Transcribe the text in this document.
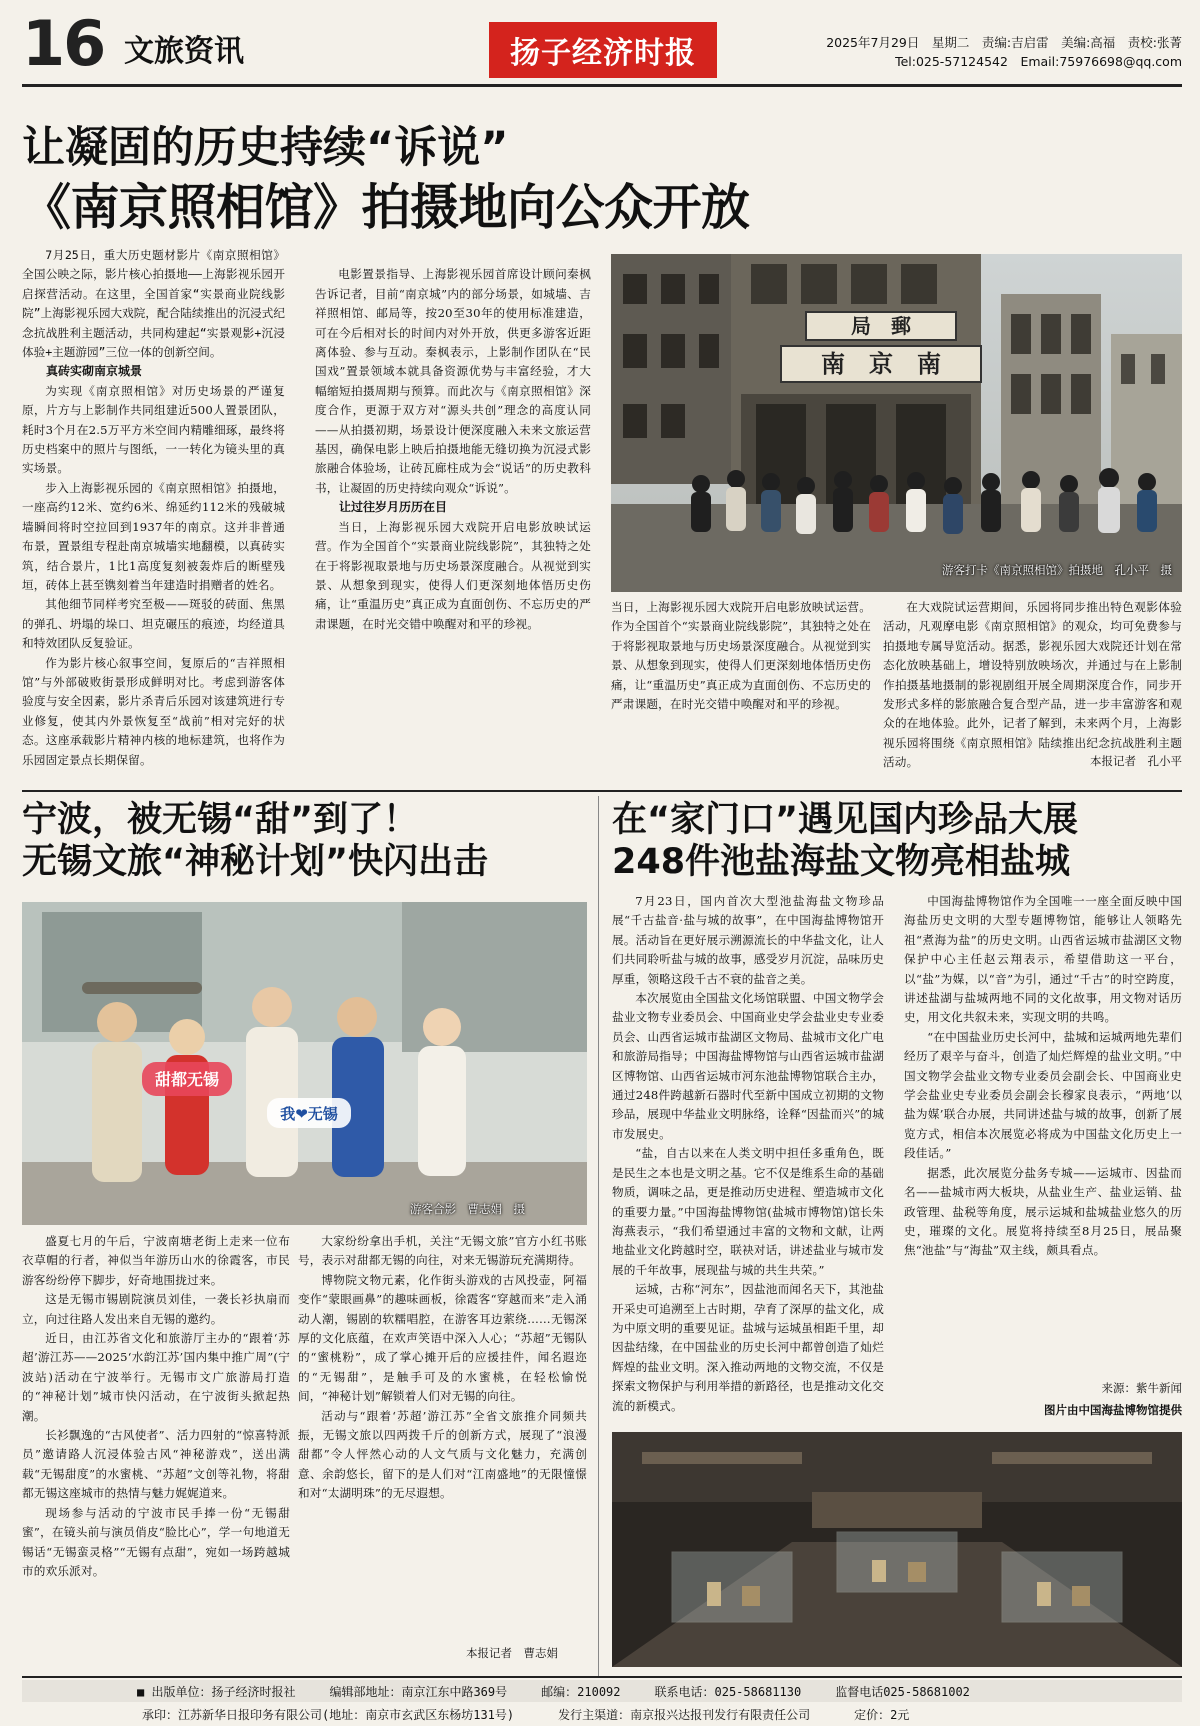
16 文旅资讯	扬子经济时报	2025年7月29日　星期二　责编:吉启雷　美编:高福　责校:张菁
Tel:025-57124542　Email:75976698@qq.com
让凝固的历史持续“诉说”
《南京照相馆》拍摄地向公众开放

7月25日，重大历史题材影片《南京照相馆》全国公映之际，影片核心拍摄地——上海影视乐园开启探营活动。在这里，全国首家“实景商业院线影院”上海影视乐园大戏院，配合陆续推出的沉浸式纪念抗战胜利主题活动，共同构建起“实景观影+沉浸体验+主题游园”三位一体的创新空间。

真砖实砌南京城景

为实现《南京照相馆》对历史场景的严谨复原，片方与上影制作共同组建近500人置景团队，耗时3个月在2.5万平方米空间内精雕细琢，最终将历史档案中的照片与图纸，一一转化为镜头里的真实场景。

步入上海影视乐园的《南京照相馆》拍摄地，一座高约12米、宽约6米、绵延约112米的残破城墙瞬间将时空拉回到1937年的南京。这并非普通布景，置景组专程赴南京城墙实地翻模，以真砖实筑，结合景片，1比1高度复刻被轰炸后的断壁残垣，砖体上甚至镌刻着当年建造时捐赠者的姓名。

其他细节同样考究至极——斑驳的砖面、焦黑的弹孔、坍塌的垛口、坦克碾压的痕迹，均经道具和特效团队反复验证。

作为影片核心叙事空间，复原后的“吉祥照相馆”与外部破败街景形成鲜明对比。考虑到游客体验度与安全因素，影片杀青后乐园对该建筑进行专业修复，使其内外景恢复至“战前”相对完好的状态。这座承载影片精神内核的地标建筑，也将作为乐园固定景点长期保留。

电影置景指导、上海影视乐园首席设计顾问秦枫告诉记者，目前“南京城”内的部分场景，如城墙、吉祥照相馆、邮局等，按20至30年的使用标准建造，可在今后相对长的时间内对外开放，供更多游客近距离体验、参与互动。秦枫表示，上影制作团队在“民国戏”置景领域本就具备资源优势与丰富经验，才大幅缩短拍摄周期与预算。而此次与《南京照相馆》深度合作，更源于双方对“源头共创”理念的高度认同——从拍摄初期，场景设计便深度融入未来文旅运营基因，确保电影上映后拍摄地能无缝切换为沉浸式影旅融合体验场，让砖瓦廊柱成为会“说话”的历史教科书，让凝固的历史持续向观众“诉说”。

让过往岁月历历在目

当日，上海影视乐园大戏院开启电影放映试运营。作为全国首个“实景商业院线影院”，其独特之处在于将影视取景地与历史场景深度融合。从视觉到实景、从想象到现实，使得人们更深刻地体悟历史伤痛，让“重温历史”真正成为直面创伤、不忘历史的严肃课题，在时光交错中唤醒对和平的珍视。

局　郵
南　京　南
游客打卡《南京照相馆》拍摄地　孔小平　摄

当日，上海影视乐园大戏院开启电影放映试运营。作为全国首个“实景商业院线影院”，其独特之处在于将影视取景地与历史场景深度融合。从视觉到实景、从想象到现实，使得人们更深刻地体悟历史伤痛，让“重温历史”真正成为直面创伤、不忘历史的严肃课题，在时光交错中唤醒对和平的珍视。

在大戏院试运营期间，乐园将同步推出特色观影体验活动，凡观摩电影《南京照相馆》的观众，均可免费参与拍摄地专属导览活动。据悉，影视乐园大戏院还计划在常态化放映基础上，增设特别放映场次，并通过与在上影制作拍摄基地摄制的影视剧组开展全周期深度合作，同步开发形式多样的影旅融合复合型产品，进一步丰富游客和观众的在地体验。此外，记者了解到，未来两个月，上海影视乐园将围绕《南京照相馆》陆续推出纪念抗战胜利主题活动。	本报记者　孔小平
宁波，被无锡“甜”到了！
无锡文旅“神秘计划”快闪出击
甜都无锡
我❤无锡
游客合影　曹志娟　摄

盛夏七月的午后，宁波南塘老街上走来一位布衣草帽的行者，神似当年游历山水的徐霞客，市民游客纷纷停下脚步，好奇地围拢过来。

这是无锡市锡剧院演员刘佳，一袭长衫执扇而立，向过往路人发出来自无锡的邀约。

近日，由江苏省文化和旅游厅主办的“跟着‘苏超’游江苏——2025‘水韵江苏’国内集中推广周”(宁波站)活动在宁波举行。无锡市文广旅游局打造的“神秘计划”城市快闪活动，在宁波街头掀起热潮。

长衫飘逸的“古风使者”、活力四射的“惊喜特派员”邀请路人沉浸体验古风“神秘游戏”，送出满载“无锡甜度”的水蜜桃、“苏超”文创等礼物，将甜都无锡这座城市的热情与魅力娓娓道来。

现场参与活动的宁波市民手捧一份“无锡甜蜜”，在镜头前与演员俏皮“脸比心”，学一句地道无锡话“无锡蛮灵格”“无锡有点甜”，宛如一场跨越城市的欢乐派对。

大家纷纷拿出手机，关注“无锡文旅”官方小红书账号，表示对甜都无锡的向往，对来无锡游玩充满期待。

博物院文物元素，化作街头游戏的古风投壶，阿福变作“蒙眼画鼻”的趣味画板，徐霞客“穿越而来”走入涌动人潮，锡剧的软糯唱腔，在游客耳边萦绕……无锡深厚的文化底蕴，在欢声笑语中深入人心；“苏超”无锡队的“蜜桃粉”，成了掌心摊开后的应援挂件，闻名遐迩的“无锡甜”，是触手可及的水蜜桃，在轻松愉悦间，“神秘计划”解锁着人们对无锡的向往。

活动与“跟着‘苏超’游江苏”全省文旅推介同频共振，无锡文旅以四两拨千斤的创新方式，展现了“浪漫甜都”令人怦然心动的人文气质与文化魅力，充满创意、余韵悠长，留下的是人们对“江南盛地”的无限憧憬和对“太湖明珠”的无尽遐想。

本报记者　曹志娟
在“家门口”遇见国内珍品大展
248件池盐海盐文物亮相盐城

7月23日，国内首次大型池盐海盐文物珍品展“千古盐音·盐与城的故事”，在中国海盐博物馆开展。活动旨在更好展示溯源流长的中华盐文化，让人们共同聆听盐与城的故事，感受岁月沉淀，品味历史厚重，领略这段千古不衰的盐音之美。

本次展览由全国盐文化场馆联盟、中国文物学会盐业文物专业委员会、中国商业史学会盐业史专业委员会、山西省运城市盐湖区文物局、盐城市文化广电和旅游局指导；中国海盐博物馆与山西省运城市盐湖区博物馆、山西省运城市河东池盐博物馆联合主办，通过248件跨越新石器时代至新中国成立初期的文物珍品，展现中华盐业文明脉络，诠释“因盐而兴”的城市发展史。

“盐，自古以来在人类文明中担任多重角色，既是民生之本也是文明之基。它不仅是维系生命的基础物质，调味之品，更是推动历史进程、塑造城市文化的重要力量。”中国海盐博物馆(盐城市博物馆)馆长朱海燕表示，“我们希望通过丰富的文物和文献，让两地盐业文化跨越时空，联袂对话，讲述盐业与城市发展的千年故事，展现盐与城的共生共荣。”

运城，古称“河东”，因盐池而闻名天下，其池盐开采史可追溯至上古时期，孕育了深厚的盐文化，成为中原文明的重要见证。盐城与运城虽相距千里，却因盐结缘，在中国盐业的历史长河中都曾创造了灿烂辉煌的盐业文明。深入推动两地的文物交流，不仅是探索文物保护与利用举措的新路径，也是推动文化交流的新模式。

中国海盐博物馆作为全国唯一一座全面反映中国海盐历史文明的大型专题博物馆，能够让人领略先祖“煮海为盐”的历史文明。山西省运城市盐湖区文物保护中心主任赵云翔表示，希望借助这一平台，以“盐”为媒，以“音”为引，通过“千古”的时空跨度，讲述盐湖与盐城两地不同的文化故事，用文物对话历史，用文化共叙未来，实现文明的共鸣。

“在中国盐业历史长河中，盐城和运城两地先辈们经历了艰辛与奋斗，创造了灿烂辉煌的盐业文明。”中国文物学会盐业文物专业委员会副会长、中国商业史学会盐业史专业委员会副会长穆家良表示，“两地‘以盐为媒’联合办展，共同讲述盐与城的故事，创新了展览方式，相信本次展览必将成为中国盐文化历史上一段佳话。”

据悉，此次展览分盐务专城——运城市、因盐而名——盐城市两大板块，从盐业生产、盐业运销、盐政管理、盐税等角度，展示运城和盐城盐业悠久的历史，璀璨的文化。展览将持续至8月25日，展品聚焦“池盐”与“海盐”双主线，颇具看点。

来源：紫牛新闻
图片由中国海盐博物馆提供
■ 出版单位：扬子经济时报社	编辑部地址：南京江东中路369号	邮编：210092	联系电话：025-58681130	监督电话025-58681002
承印：江苏新华日报印务有限公司(地址：南京市玄武区东杨坊131号)	发行主渠道：南京报兴达报刊发行有限责任公司	定价：2元
